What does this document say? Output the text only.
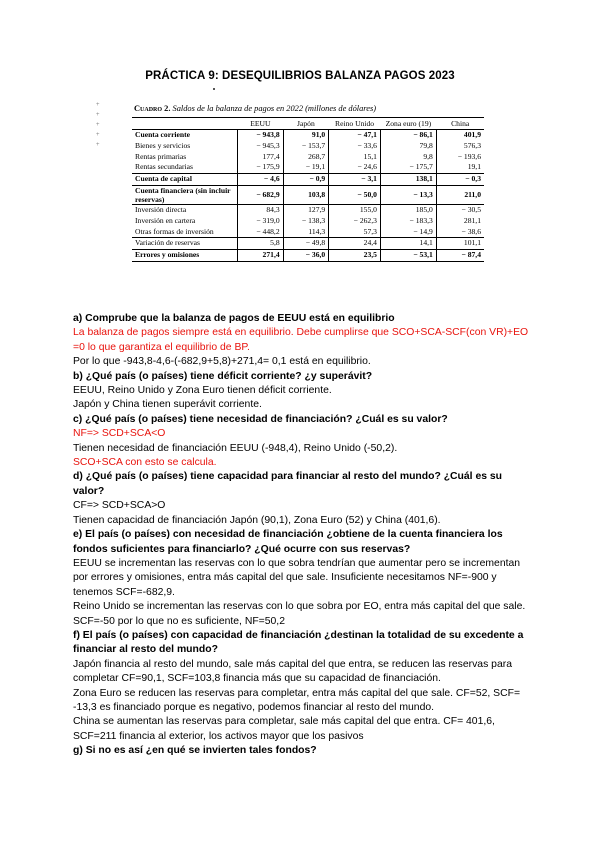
PRÁCTICA 9: DESEQUILIBRIOS BALANZA PAGOS 2023
+
+
+
+
+
Cuadro 2. Saldos de la balanza de pagos en 2022 (millones de dólares)
	EEUU	Japón	Reino Unido	Zona euro (19)	China
Cuenta corriente	− 943,8	91,0	− 47,1	− 86,1	401,9
Bienes y servicios	− 945,3	− 153,7	− 33,6	79,8	576,3
Rentas primarias	177,4	268,7	15,1	9,8	− 193,6
Rentas secundarias	− 175,9	− 19,1	− 24,6	− 175,7	19,1
Cuenta de capital	− 4,6	− 0,9	− 3,1	138,1	− 0,3
Cuenta financiera (sin incluir reservas)	− 682,9	103,8	− 50,0	− 13,3	211,0
Inversión directa	84,3	127,9	155,0	185,0	− 30,5
Inversión en cartera	− 319,0	− 138,3	− 262,3	− 183,3	281,1
Otras formas de inversión	− 448,2	114,3	57,3	− 14,9	− 38,6
Variación de reservas	5,8	− 49,8	24,4	14,1	101,1
Errores y omisiones	271,4	− 36,0	23,5	− 53,1	− 87,4

a) Comprube que la balanza de pagos de EEUU está en equilibrio

La balanza de pagos siempre está en equilibrio. Debe cumplirse que SCO+SCA-SCF(con VR)+EO =0 lo que garantiza el equilibrio de BP.

Por lo que -943,8-4,6-(-682,9+5,8)+271,4= 0,1 está en equilibrio.

b) ¿Qué país (o países) tiene déficit corriente? ¿y superávit?

EEUU, Reino Unido y Zona Euro tienen déficit corriente.

Japón y China tienen superávit corriente.

c) ¿Qué país (o países) tiene necesidad de financiación? ¿Cuál es su valor?

NF=> SCD+SCA<O

Tienen necesidad de financiación EEUU (-948,4), Reino Unido (-50,2).

SCO+SCA con esto se calcula.

d) ¿Qué país (o países) tiene capacidad para financiar al resto del mundo? ¿Cuál es su valor?

CF=> SCD+SCA>O

Tienen capacidad de financiación Japón (90,1), Zona Euro (52) y China (401,6).

e) El país (o países) con necesidad de financiación ¿obtiene de la cuenta financiera los fondos suficientes para financiarlo? ¿Qué ocurre con sus reservas?

EEUU se incrementan las reservas con lo que sobra tendrían que aumentar pero se incrementan por errores y omisiones, entra más capital del que sale. Insuficiente necesitamos NF=-900 y tenemos SCF=-682,9.

Reino Unido se incrementan las reservas con lo que sobra por EO, entra más capital del que sale. SCF=-50 por lo que no es suficiente, NF=50,2

f) El país (o países) con capacidad de financiación ¿destinan la totalidad de su excedente a financiar al resto del mundo?

Japón financia al resto del mundo, sale más capital del que entra, se reducen las reservas para completar CF=90,1, SCF=103,8 financia más que su capacidad de financiación.

Zona Euro se reducen las reservas para completar, entra más capital del que sale. CF=52, SCF= -13,3 es financiado porque es negativo, podemos financiar al resto del mundo.

China se aumentan las reservas para completar, sale más capital del que entra. CF= 401,6, SCF=211 financia al exterior, los activos mayor que los pasivos

g) Si no es así ¿en qué se invierten tales fondos?
